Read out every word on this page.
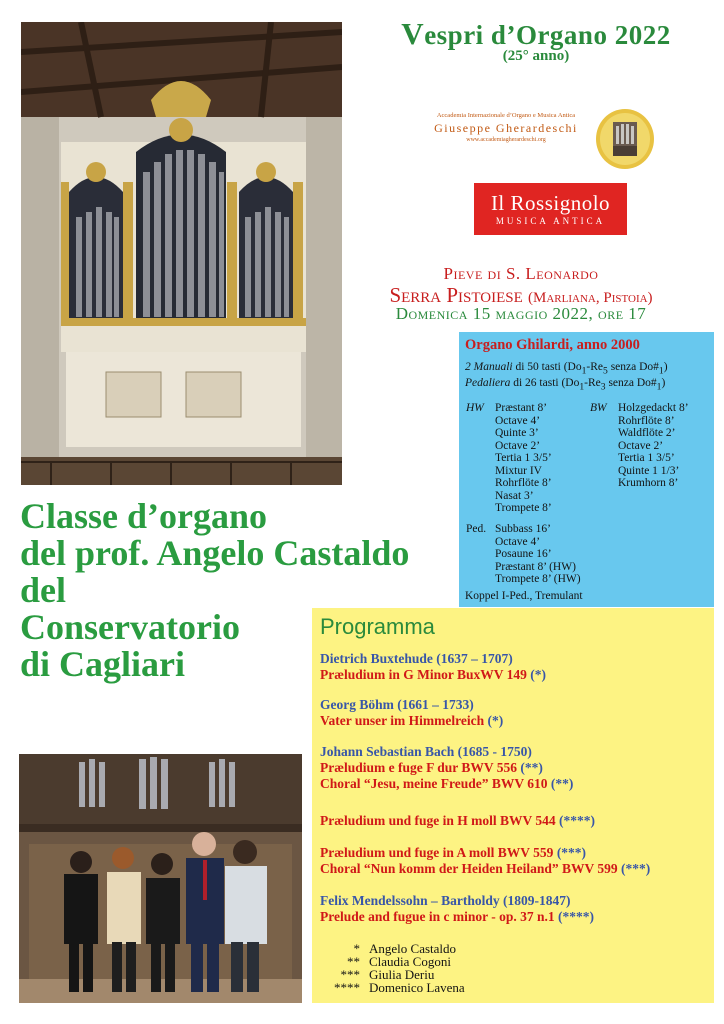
Vespri d’Organo 2022
(25° anno)
Accademia Internazionale d’Organo e Musica Antica
Giuseppe Gherardeschi
www.accademiagherardeschi.org
Il Rossignolo
MUSICA ANTICA
Pieve di S. Leonardo
Serra Pistoiese (Marliana, Pistoia)
Domenica 15 maggio 2022, ore 17
Organo Ghilardi, anno 2000
2 Manuali di 50 tasti ($Do_1-Re_5$ senza $Do\#_1$)
Pedaliera di 26 tasti ($Do_1-Re_3$ senza $Do\#_1$)
HW Præstant 8’
Octave 4’
Quinte 3’
Octave 2’
Tertia 1 3/5’
Mixtur IV
Rohrflöte 8’
Nasat 3’
Trompete 8’
BW Holzgedackt 8’
Rohrflöte 8’
Waldflöte 2’
Octave 2’
Tertia 1 3/5’
Quinte 1 1/3’
Krumhorn 8’
Ped. Subbass 16’
Octave 4’
Posaune 16’
Præstant 8’ (HW)
Trompete 8’ (HW)
Koppel I-Ped., Tremulant
Classe d’organo
del prof. Angelo Castaldo
del
Conservatorio
di Cagliari
Programma
Dietrich Buxtehude (1637 – 1707)
Præludium in G Minor BuxWV 149 (*)
Georg Böhm (1661 – 1733)
Vater unser im Himmelreich (*)
Johann Sebastian Bach (1685 - 1750)
Præludium e fuge F dur BWV 556 (**)
Choral “Jesu, meine Freude” BWV 610 (**)
Præludium und fuge in H moll BWV 544 (****)
Præludium und fuge in A moll BWV 559 (***)
Choral “Nun komm der Heiden Heiland” BWV 599 (***)
Felix Mendelssohn – Bartholdy (1809-1847)
Prelude and fugue in c minor - op. 37 n.1 (****)
* Angelo Castaldo
** Claudia Cogoni
*** Giulia Deriu
**** Domenico Lavena
